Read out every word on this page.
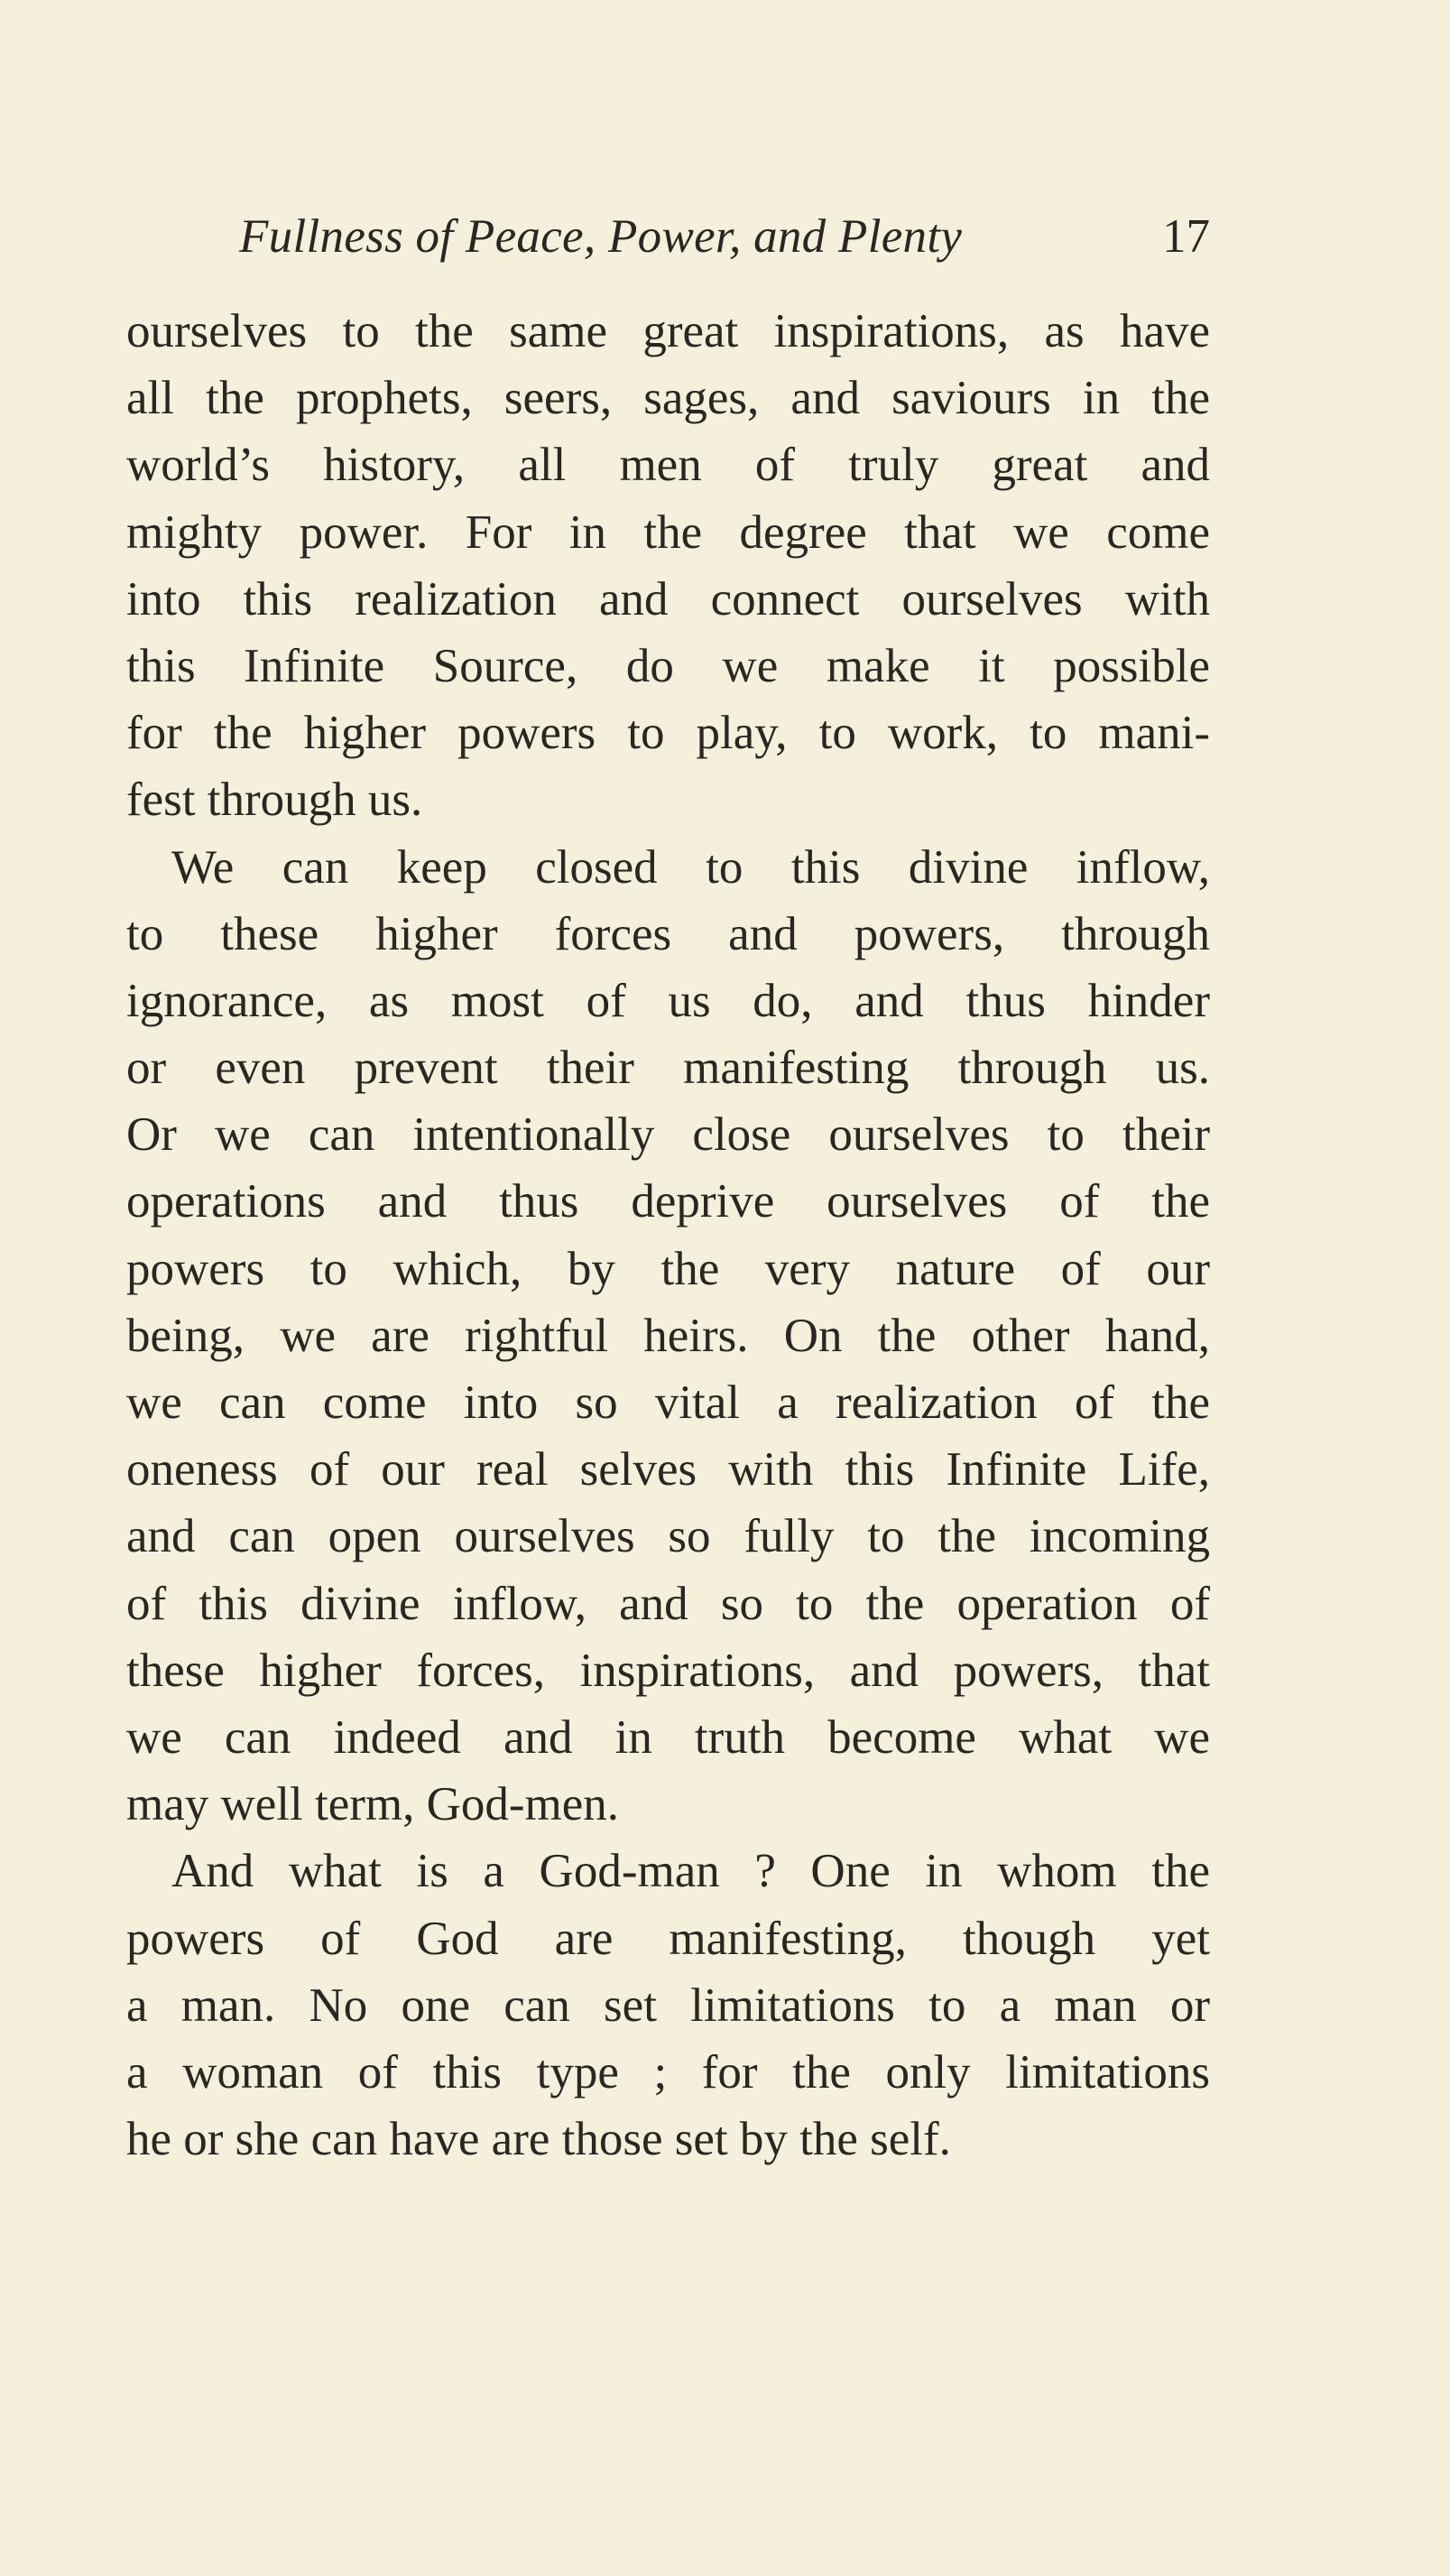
Fullness of Peace, Power, and Plenty	17
ourselves to the same great inspirations, as have
all the prophets, seers, sages, and saviours in the
world’s history, all men of truly great and
mighty power. For in the degree that we come
into this realization and connect ourselves with
this Infinite Source, do we make it possible
for the higher powers to play, to work, to mani-
fest through us.
We can keep closed to this divine inflow,
to these higher forces and powers, through
ignorance, as most of us do, and thus hinder
or even prevent their manifesting through us.
Or we can intentionally close ourselves to their
operations and thus deprive ourselves of the
powers to which, by the very nature of our
being, we are rightful heirs. On the other hand,
we can come into so vital a realization of the
oneness of our real selves with this Infinite Life,
and can open ourselves so fully to the incoming
of this divine inflow, and so to the operation of
these higher forces, inspirations, and powers, that
we can indeed and in truth become what we
may well term, God-men.
And what is a God-man ? One in whom the
powers of God are manifesting, though yet
a man. No one can set limitations to a man or
a woman of this type ; for the only limitations
he or she can have are those set by the self.
